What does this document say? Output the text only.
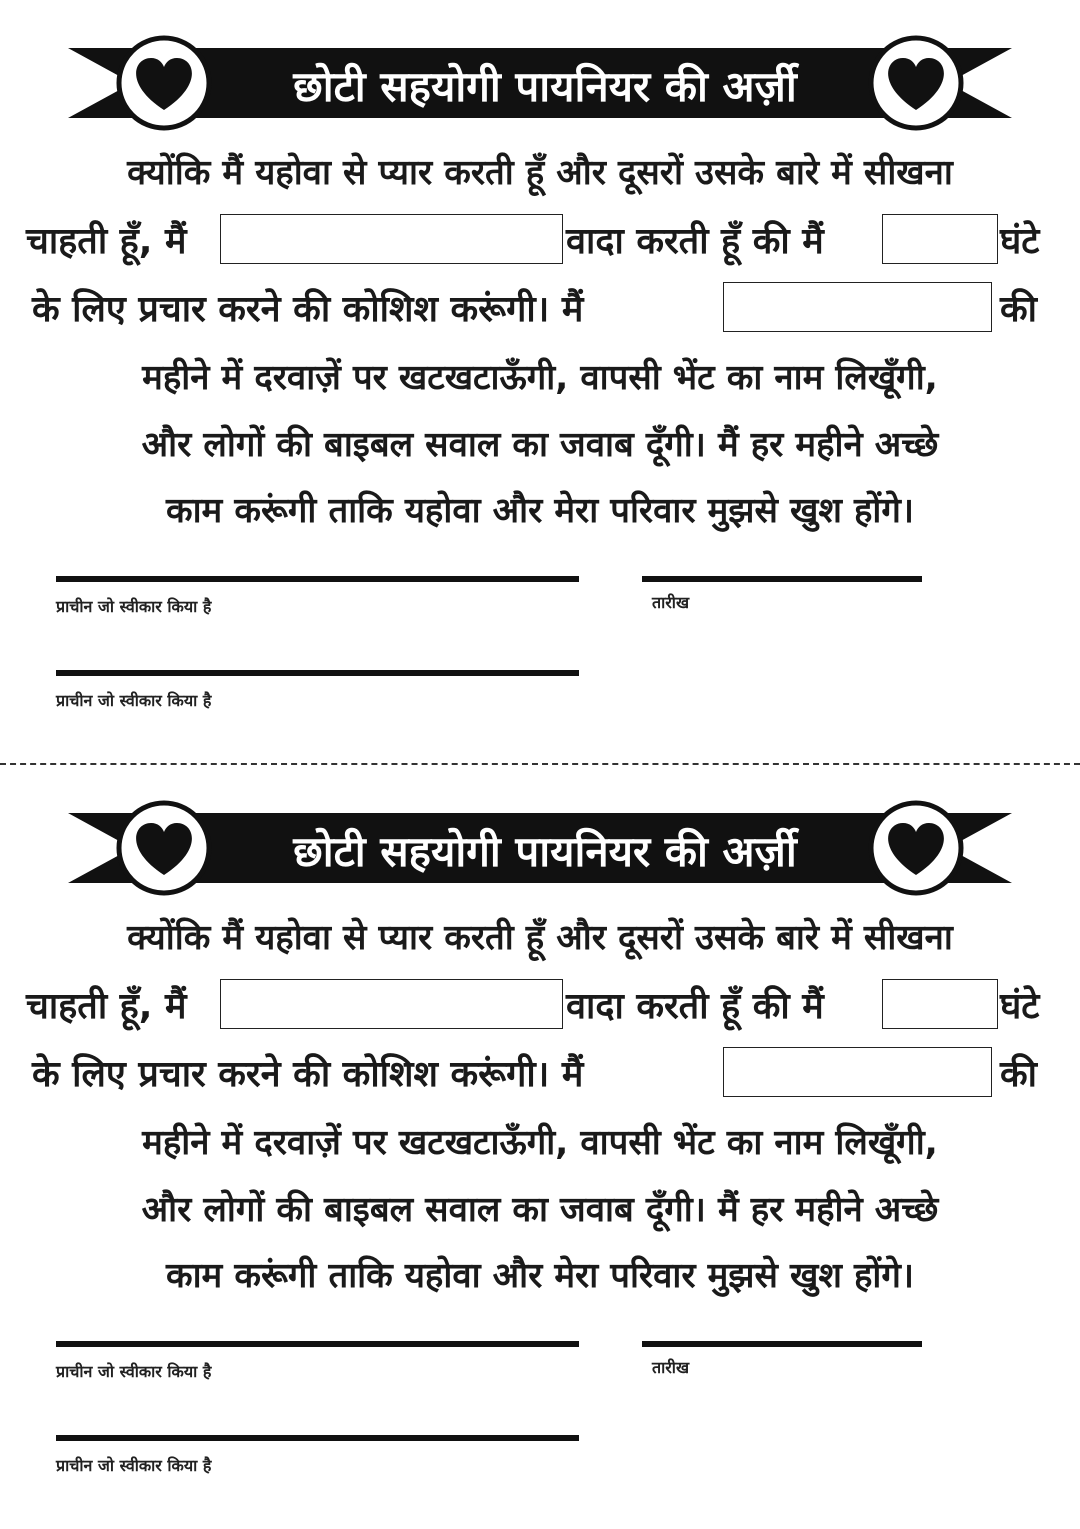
छोटी सहयोगी पायनियर की अर्ज़ी
क्योंकि मैं यहोवा से प्यार करती हूँ और दूसरों उसके बारे में सीखना
चाहती हूँ, मैं	वादा करती हूँ की मैं	घंटे
के लिए प्रचार करने की कोशिश करूंगी। मैं	की
महीने में दरवाज़ें पर खटखटाऊँगी, वापसी भेंट का नाम लिखूँगी,
और लोगों की बाइबल सवाल का जवाब दूँगी। मैं हर महीने अच्छे
काम करूंगी ताकि यहोवा और मेरा परिवार मुझसे खुश होंगे।
प्राचीन जो स्वीकार किया है	तारीख
प्राचीन जो स्वीकार किया है
छोटी सहयोगी पायनियर की अर्ज़ी
क्योंकि मैं यहोवा से प्यार करती हूँ और दूसरों उसके बारे में सीखना
चाहती हूँ, मैं	वादा करती हूँ की मैं	घंटे
के लिए प्रचार करने की कोशिश करूंगी। मैं	की
महीने में दरवाज़ें पर खटखटाऊँगी, वापसी भेंट का नाम लिखूँगी,
और लोगों की बाइबल सवाल का जवाब दूँगी। मैं हर महीने अच्छे
काम करूंगी ताकि यहोवा और मेरा परिवार मुझसे खुश होंगे।
प्राचीन जो स्वीकार किया है	तारीख
प्राचीन जो स्वीकार किया है
